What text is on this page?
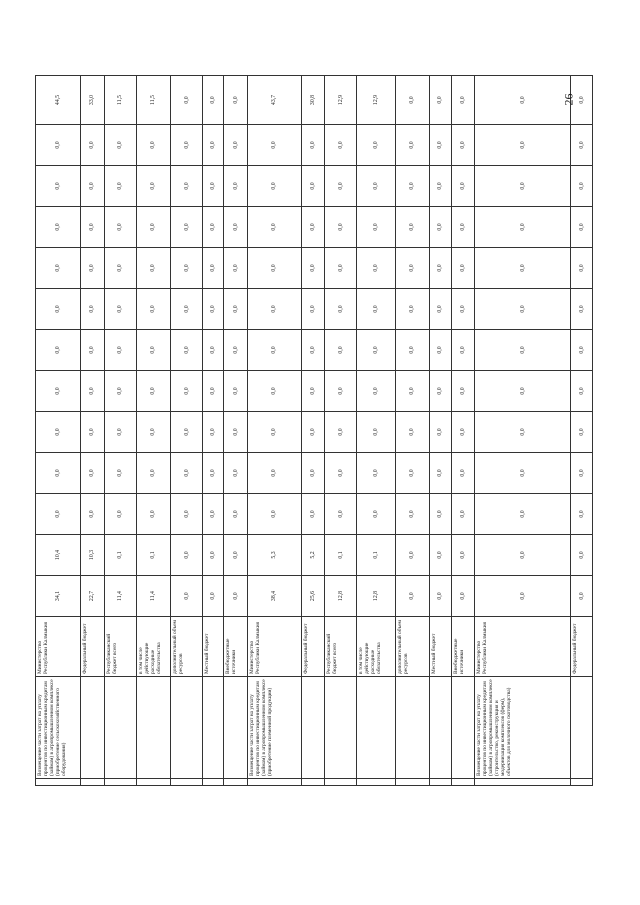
	Возмещение части затрат на уплату процентов по инвестиционным кредитам (займам) в агропромышленном комплексе (приобретение сельскохозяйственного оборудования)	Министерство Республики Калмыкия	34,1	10,4	0,0	0,0	0,0	0,0	0,0	0,0	0,0	0,0	0,0	0,0	44,5
		Федеральный бюджет	22,7	10,3	0,0	0,0	0,0	0,0	0,0	0,0	0,0	0,0	0,0	0,0	33,0
		Республиканский бюджет всего	11,4	0,1	0,0	0,0	0,0	0,0	0,0	0,0	0,0	0,0	0,0	0,0	11,5
		в том числе действующие расходные обязательства	11,4	0,1	0,0	0,0	0,0	0,0	0,0	0,0	0,0	0,0	0,0	0,0	11,5
		дополнительный объем ресурсов	0,0	0,0	0,0	0,0	0,0	0,0	0,0	0,0	0,0	0,0	0,0	0,0	0,0
		Местный бюджет	0,0	0,0	0,0	0,0	0,0	0,0	0,0	0,0	0,0	0,0	0,0	0,0	0,0
		Внебюджетные источники	0,0	0,0	0,0	0,0	0,0	0,0	0,0	0,0	0,0	0,0	0,0	0,0	0,0
	Возмещение части затрат на уплату процентов по инвестиционным кредитам (займам) в агропромышленном комплексе (приобретение племенной продукции)	Министерство Республики Калмыкия	38,4	5,3	0,0	0,0	0,0	0,0	0,0	0,0	0,0	0,0	0,0	0,0	43,7
		Федеральный бюджет	25,6	5,2	0,0	0,0	0,0	0,0	0,0	0,0	0,0	0,0	0,0	0,0	30,8
		Республиканский бюджет всего	12,8	0,1	0,0	0,0	0,0	0,0	0,0	0,0	0,0	0,0	0,0	0,0	12,9
		в том числе действующие расходные обязательства	12,8	0,1	0,0	0,0	0,0	0,0	0,0	0,0	0,0	0,0	0,0	0,0	12,9
		дополнительный объем ресурсов	0,0	0,0	0,0	0,0	0,0	0,0	0,0	0,0	0,0	0,0	0,0	0,0	0,0
		Местный бюджет	0,0	0,0	0,0	0,0	0,0	0,0	0,0	0,0	0,0	0,0	0,0	0,0	0,0
		Внебюджетные источники	0,0	0,0	0,0	0,0	0,0	0,0	0,0	0,0	0,0	0,0	0,0	0,0	0,0
	Возмещение части затрат на уплату процентов по инвестиционным кредитам (займам) в агропромышленном комплексе (строительство, реконструкция и модернизация комплексов (ферм), объектов для молочного скотоводства)	Министерство Республики Калмыкия	0,0	0,0	0,0	0,0	0,0	0,0	0,0	0,0	0,0	0,0	0,0	0,0	0,0
		Федеральный бюджет	0,0	0,0	0,0	0,0	0,0	0,0	0,0	0,0	0,0	0,0	0,0	0,0	0,0
26
